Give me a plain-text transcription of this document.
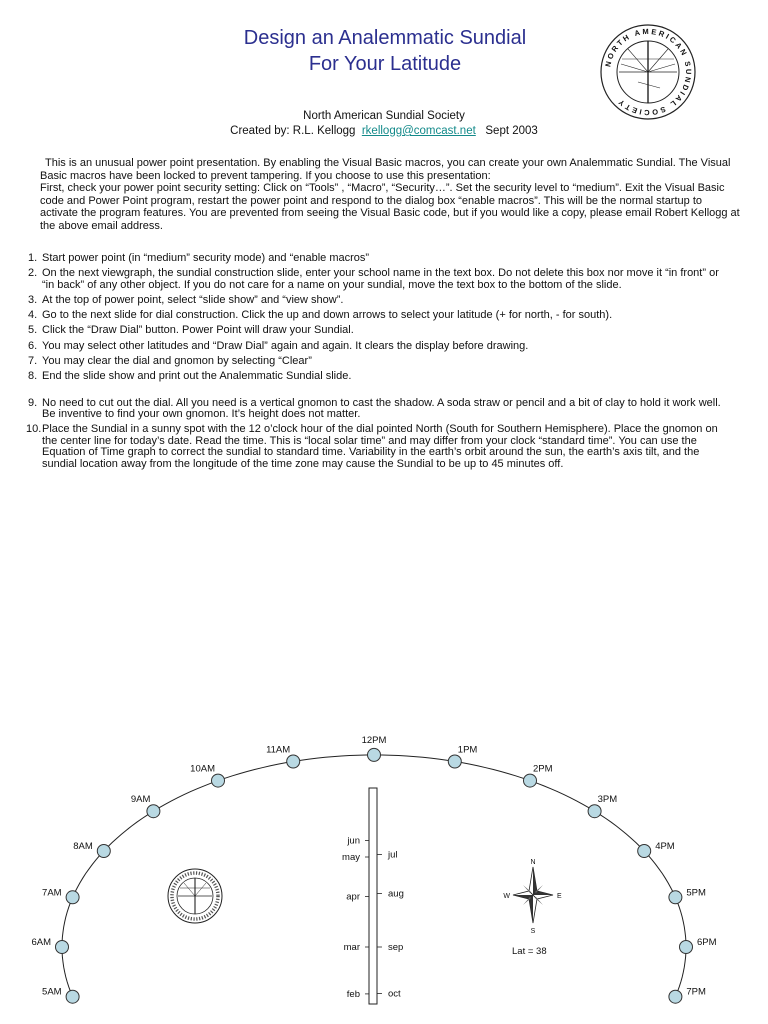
Design an Analemmatic Sundial
For Your Latitude	NORTH AMERICAN SUNDIAL SOCIETY
North American Sundial Society
Created by: R.L. Kellogg rkellogg@comcast.net Sept 2003

This is an unusual power point presentation. By enabling the Visual Basic macros, you can create your own Analemmatic Sundial. The Visual Basic macros have been locked to prevent tampering. If you choose to use this presentation:

First, check your power point security setting: Click on “Tools” , “Macro”, “Security…”. Set the security level to “medium”. Exit the Visual Basic code and Power Point program, restart the power point and respond to the dialog box “enable macros”. This will be the normal startup to activate the program features. You are prevented from seeing the Visual Basic code, but if you would like a copy, please email Robert Kellogg at the above email address.

1. Start power point (in “medium” security mode) and “enable macros”
2. On the next viewgraph, the sundial construction slide, enter your school name in the text box. Do not delete this box nor move it “in front” or “in back” of any other object. If you do not care for a name on your sundial, move the text box to the bottom of the slide.
3. At the top of power point, select “slide show” and “view show”.
4. Go to the next slide for dial construction. Click the up and down arrows to select your latitude (+ for north, - for south).
5. Click the “Draw Dial” button. Power Point will draw your Sundial.
6. You may select other latitudes and “Draw Dial” again and again. It clears the display before drawing.
7. You may clear the dial and gnomon by selecting “Clear”
8. End the slide show and print out the Analemmatic Sundial slide.
9. No need to cut out the dial. All you need is a vertical gnomon to cast the shadow. A soda straw or pencil and a bit of clay to hold it work well. Be inventive to find your own gnomon. It’s height does not matter.
10. Place the Sundial in a sunny spot with the 12 o’clock hour of the dial pointed North (South for Southern Hemisphere). Place the gnomon on the center line for today’s date. Read the time. This is “local solar time” and may differ from your clock “standard time”. You can use the Equation of Time graph to correct the sundial to standard time. Variability in the earth’s orbit around the sun, the earth’s axis tilt, and the sundial location away from the longitude of the time zone may cause the Sundial to be up to 45 minutes off.
5AM
6AM
7AM
8AM
9AM
10AM
11AM
12PM
1PM
2PM
3PM
4PM
5PM
6PM
7PM
jun
may
apr
mar
feb
jul
aug
sep
oct
N
S
W	E
Lat = 38
